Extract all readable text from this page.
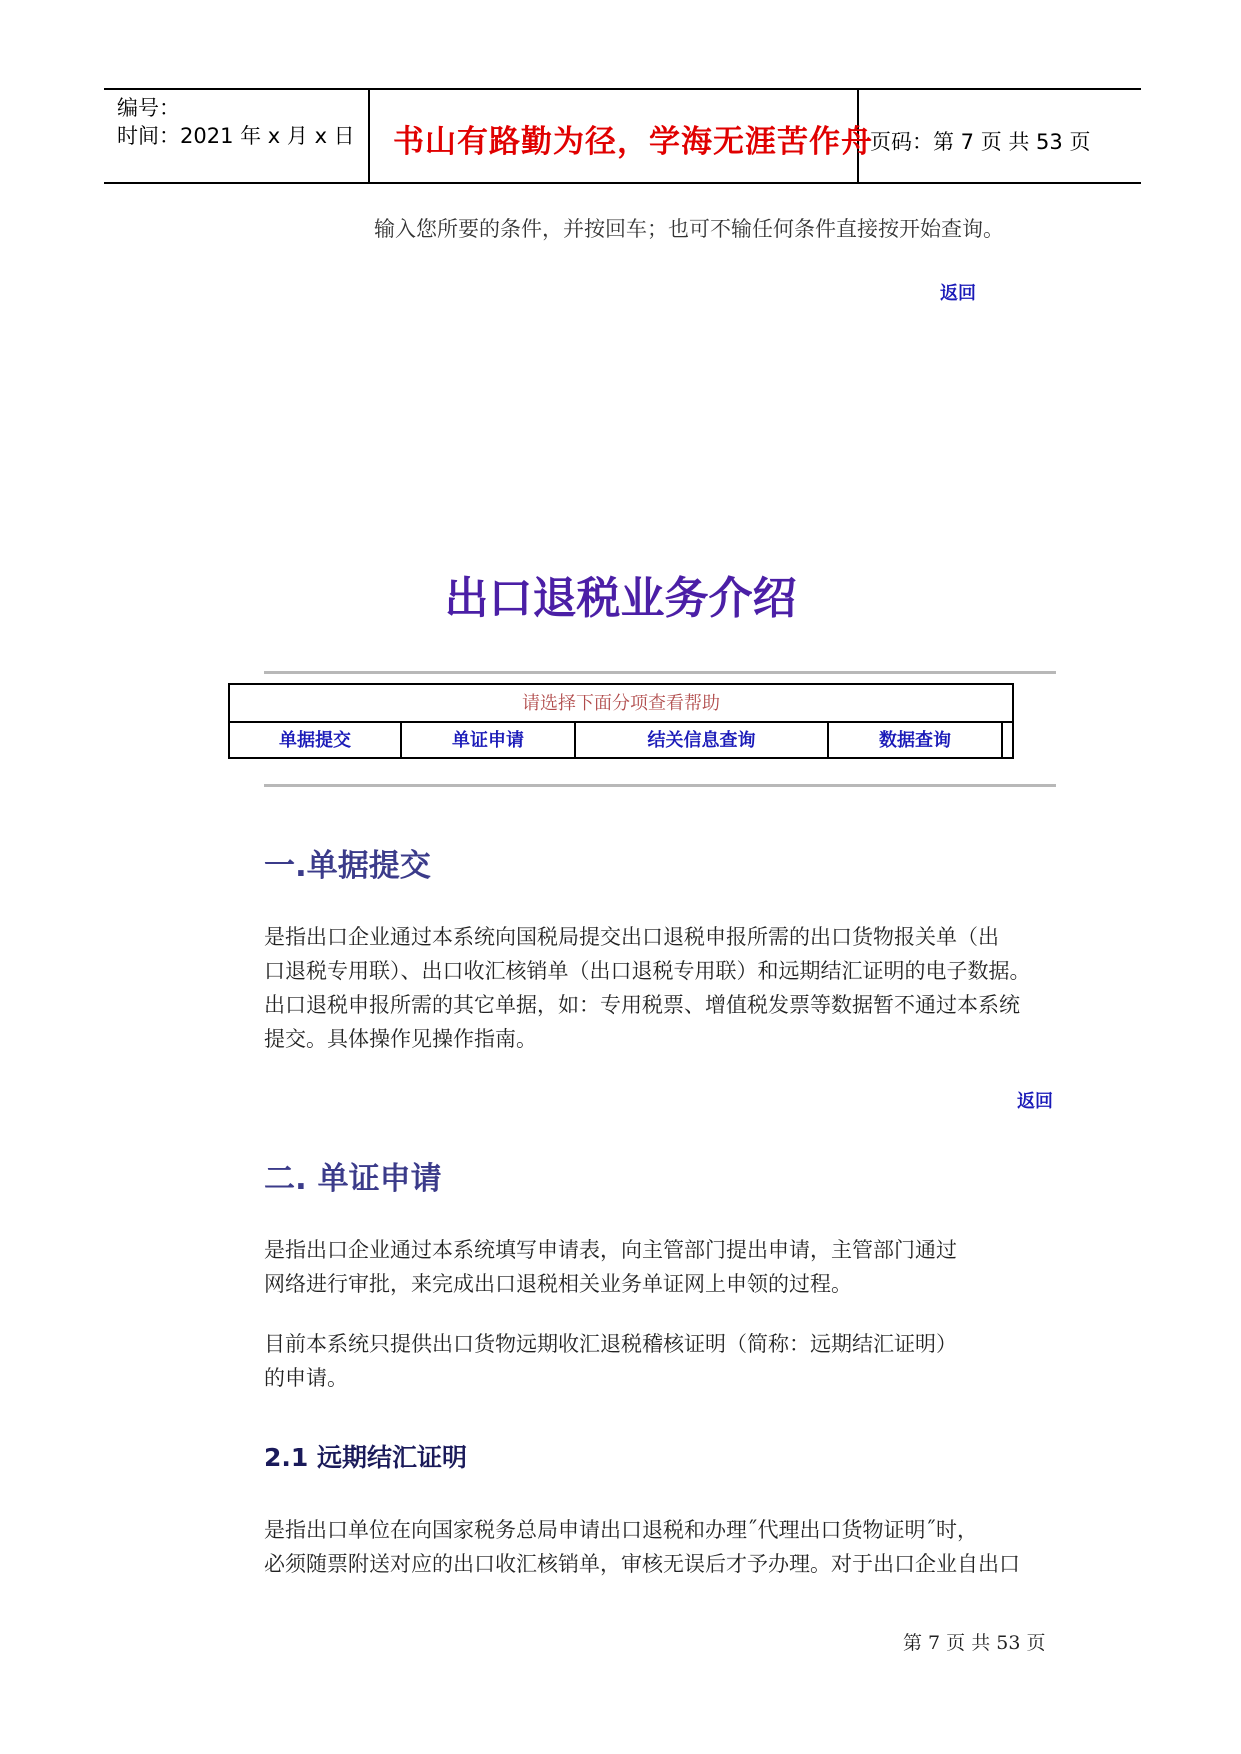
编号：
时间：2021 年 x 月 x 日 书山有路勤为径，学海无涯苦作舟
页码：第 7 页 共 53 页
输入您所要的条件，并按回车；也可不输任何条件直接按开始查询。
返回
出口退税业务介绍
请选择下面分项查看帮助
单据提交	单证申请	结关信息查询	数据查询
一.单据提交
是指出口企业通过本系统向国税局提交出口退税申报所需的出口货物报关单（出
口退税专用联）、出口收汇核销单（出口退税专用联）和远期结汇证明的电子数据。
出口退税申报所需的其它单据，如：专用税票、增值税发票等数据暂不通过本系统
提交。具体操作见操作指南。
返回
二. 单证申请
是指出口企业通过本系统填写申请表，向主管部门提出申请，主管部门通过
网络进行审批，来完成出口退税相关业务单证网上申领的过程。
目前本系统只提供出口货物远期收汇退税稽核证明（简称：远期结汇证明）
的申请。
2.1 远期结汇证明
是指出口单位在向国家税务总局申请出口退税和办理˝代理出口货物证明˝时，
必须随票附送对应的出口收汇核销单，审核无误后才予办理。对于出口企业自出口
第 7 页 共 53 页
